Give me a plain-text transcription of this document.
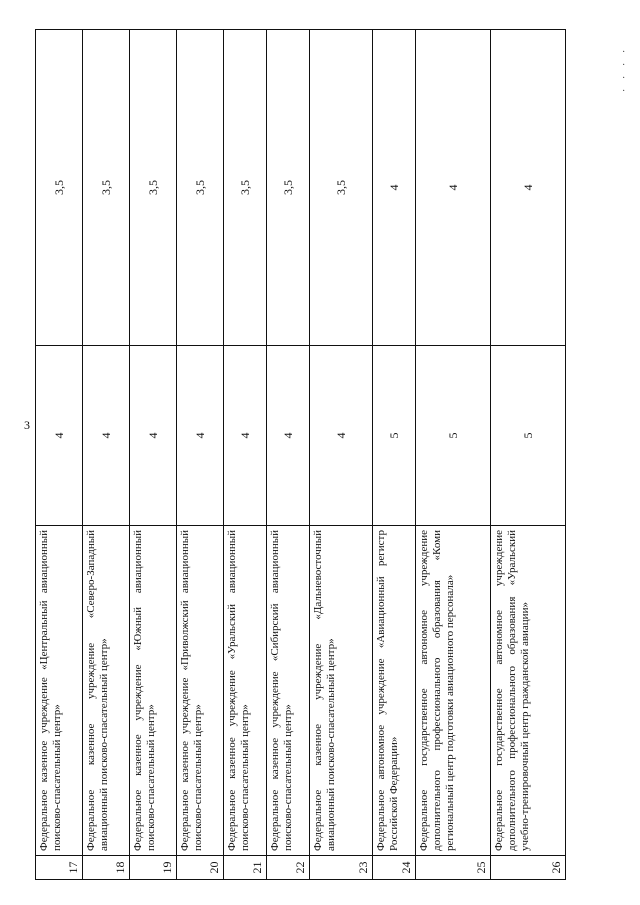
3
·
·
·
·
17	Федеральное казенное учреждение «Центральный авиационный поисково-спасательный центр»	4	3,5
18	Федеральное казенное учреждение «Северо-Западный авиационный поисково-спасательный центр»	4	3,5
19	Федеральное казенное учреждение «Южный авиационный поисково-спасательный центр»	4	3,5
20	Федеральное казенное учреждение «Приволжский авиационный поисково-спасательный центр»	4	3,5
21	Федеральное казенное учреждение «Уральский авиационный поисково-спасательный центр»	4	3,5
22	Федеральное казенное учреждение «Сибирский авиационный поисково-спасательный центр»	4	3,5
23	Федеральное казенное учреждение «Дальневосточный авиационный поисково-спасательный центр»	4	3,5
24	Федеральное автономное учреждение «Авиационный регистр Российской Федерации»	5	4
25	Федеральное государственное автономное учреждение дополнительного профессионального образования «Коми региональный центр подготовки авиационного персонала»	5	4
26	Федеральное государственное автономное учреждение дополнительного профессионального образования «Уральский учебно-тренировочный центр гражданской авиации»	5	4
